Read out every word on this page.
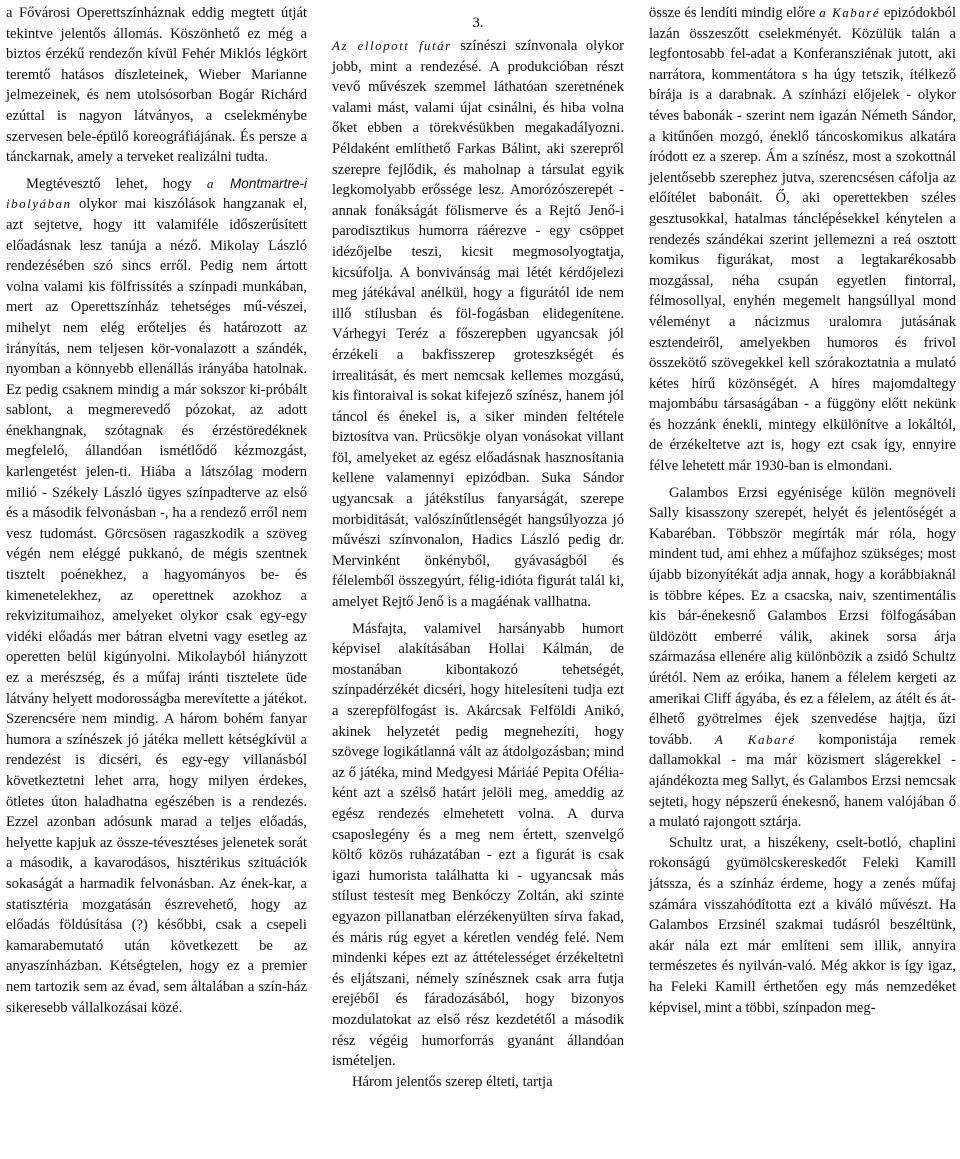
a Fővárosi Operettszínháznak eddig megtett útját tekintve jelentős állomás. Köszönhető ez még a biztos érzékű rendezőn kívül Fehér Miklós légkört teremtő hatásos díszleteinek, Wieber Marianne jelmezeinek, és nem utolsósorban Bogár Richárd ezúttal is nagyon látványos, a cselekménybe szervesen bele-épülő koreográfiájának. És persze a tánckarnak, amely a terveket realizálni tudta.

Megtévesztő lehet, hogy a Montmartre-i ibolyában olykor mai kiszólások hangzanak el, azt sejtetve, hogy itt valamiféle időszerűsített előadásnak lesz tanúja a néző. Mikolay László rendezésében szó sincs erről. Pedig nem ártott volna valami kis fölfrissítés a színpadi munkában, mert az Operettszínház tehetséges mű-vészei, mihelyt nem elég erőteljes és határozott az irányítás, nem teljesen kör-vonalazott a szándék, nyomban a könnyebb ellenállás irányába hatolnak. Ez pedig csaknem mindig a már sokszor ki-próbált sablont, a megmerevedő pózokat, az adott énekhangnak, szótagnak és érzéstöredéknek megfelelő, állandóan ismétlődő kézmozgást, karlengetést jelen-ti. Hiába a látszólag modern milió - Székely László ügyes színpadterve az első és a második felvonásban -, ha a rendező erről nem vesz tudomást. Görcsösen ragaszkodik a szöveg végén nem eléggé pukkanó, de mégis szentnek tisztelt poénekhez, a hagyományos be- és kimenetelekhez, az operettnek azokhoz a rekvizitumaihoz, amelyeket olykor csak egy-egy vidéki előadás mer bátran elvetni vagy esetleg az operetten belül kigúnyolni. Mikolayból hiányzott ez a merészség, és a műfaj iránti tisztelete üde látvány helyett modorosságba merevítette a játékot. Szerencsére nem mindig. A három bohém fanyar humora a színészek jó játéka mellett kétségkívül a rendezést is dicséri, és egy-egy villanásból következtetni lehet arra, hogy milyen érdekes, ötletes úton haladhatna egészében is a rendezés. Ezzel azonban adósunk marad a teljes előadás, helyette kapjuk az össze-tévesztéses jelenetek sorát a második, a kavarodásos, hisztérikus szituációk sokaságát a harmadik felvonásban. Az ének-kar, a statisztéria mozgatásán észrevehető, hogy az előadás földúsítása (?) későbbi, csak a csepeli kamarabemutató után következett be az anyaszínházban. Kétségtelen, hogy ez a premier nem tartozik sem az évad, sem általában a szín-ház sikeresebb vállalkozásai közé.

3.

Az ellopott futár színészi színvonala olykor jobb, mint a rendezésé. A produkcióban részt vevő művészek szemmel láthatóan szeretnének valami mást, valami újat csinálni, és hiba volna őket ebben a törekvésükben megakadályozni. Példaként említhető Farkas Bálint, aki szerepről szerepre fejlődik, és maholnap a társulat egyik legkomolyabb erőssége lesz. Amorózószerepét - annak fonákságát fölismerve és a Rejtő Jenő-i parodisztikus humorra ráérezve - egy csöppet idézőjelbe teszi, kicsit megmosolyogtatja, kicsúfolja. A bonvivánság mai létét kérdőjelezi meg játékával anélkül, hogy a figurától ide nem illő stílusban és föl-fogásban elidegenítene. Várhegyi Teréz a főszerepben ugyancsak jól érzékeli a bakfisszerep groteszkségét és irrealitását, és mert nemcsak kellemes mozgású, kis fintoraival is sokat kifejező színész, hanem jól táncol és énekel is, a siker minden feltétele biztosítva van. Prücsökje olyan vonásokat villant föl, amelyeket az egész előadásnak hasznosítania kellene valamennyi epizódban. Suka Sándor ugyancsak a játékstílus fanyarságát, szerepe morbiditását, valószínűtlenségét hangsúlyozza jó művészi színvonalon, Hadics László pedig dr. Mervinként önkényből, gyávaságból és félelemből összegyúrt, félig-idióta figurát talál ki, amelyet Rejtő Jenő is a magáénak vallhatna.

Másfajta, valamivel harsányabb humort képvisel alakításában Hollai Kálmán, de mostanában kibontakozó tehetségét, színpadérzékét dicséri, hogy hitelesíteni tudja ezt a szerepfölfogást is. Akárcsak Felföldi Anikó, akinek helyzetét pedig megnehezíti, hogy szövege logikátlanná vált az átdolgozásban; mind az ő játéka, mind Medgyesi Máriáé Pepita Oféliaként azt a szélső határt jelöli meg, ameddig az egész rendezés elmehetett volna. A durva csaposlegény és a meg nem értett, szenvelgő költő közös ruházatában - ezt a figurát is csak igazi humorista találhatta ki - ugyancsak más stílust testesít meg Benkóczy Zoltán, aki szinte egyazon pillanatban elérzékenyülten sírva fakad, és máris rúg egyet a kéretlen vendég felé. Nem mindenki képes ezt az áttételességet érzékeltetni és eljátszani, némely színésznek csak arra futja erejéből és fáradozásából, hogy bizonyos mozdulatokat az első rész kezdetétől a második rész végéig humorforrás gyanánt állandóan ismételjen.

Három jelentős szerep élteti, tartja

össze és lendíti mindig előre a Kabaré epizódokból lazán összeszőtt cselekményét. Közülük talán a legfontosabb fel-adat a Konferansziénak jutott, aki narrátora, kommentátora s ha úgy tetszik, ítélkező bírája is a darabnak. A színházi előjelek - olykor téves babonák - szerint nem igazán Németh Sándor, a kitűnően mozgó, éneklő táncoskomikus alkatára íródott ez a szerep. Ám a színész, most a szokottnál jelentősebb szerephez jutva, szerencsésen cáfolja az előítélet babonáit. Ő, aki operettekben széles gesztusokkal, hatalmas tánclépésekkel kénytelen a rendezés szándékai szerint jellemezni a reá osztott komikus figurákat, most a legtakarékosabb mozgással, néha csupán egyetlen fintorral, félmosollyal, enyhén megemelt hangsúllyal mond véleményt a nácizmus uralomra jutásának esztendeiről, amelyekben humoros és frivol összekötő szövegekkel kell szórakoztatnia a mulató kétes hírű közönségét. A híres majomdaltegy majombábu társaságában - a függöny előtt nekünk és hozzánk énekli, mintegy elkülönítve a lokáltól, de érzékeltetve azt is, hogy ezt csak így, ennyire félve lehetett már 1930-ban is elmondani.

Galambos Erzsi egyénisége külön megnöveli Sally kisasszony szerepét, helyét és jelentőségét a Kabaréban. Többször megírták már róla, hogy mindent tud, ami ehhez a műfajhoz szükséges; most újabb bizonyítékát adja annak, hogy a korábbiaknál is többre képes. Ez a csacska, naiv, szentimentális kis bár-énekesnő Galambos Erzsi fölfogásában üldözött emberré válik, akinek sorsa árja származása ellenére alig különbözik a zsidó Schultz úrétól. Nem az eróika, hanem a félelem kergeti az amerikai Cliff ágyába, és ez a félelem, az átélt és át-élhető gyötrelmes éjek szenvedése hajtja, űzi tovább. A Kabaré komponistája remek dallamokkal - ma már közismert slágerekkel - ajándékozta meg Sallyt, és Galambos Erzsi nemcsak sejteti, hogy népszerű énekesnő, hanem valójában ő a mulató rajongott sztárja.

Schultz urat, a hiszékeny, cselt-botló, chaplini rokonságú gyümölcskereskedőt Feleki Kamill játssza, és a színház érdeme, hogy a zenés műfaj számára visszahódította ezt a kiváló művészt. Ha Galambos Erzsinél szakmai tudásról beszéltünk, akár nála ezt már említeni sem illik, annyira természetes és nyilván-való. Még akkor is így igaz, ha Feleki Kamill érthetően egy más nemzedéket képvisel, mint a többi, színpadon meg-
